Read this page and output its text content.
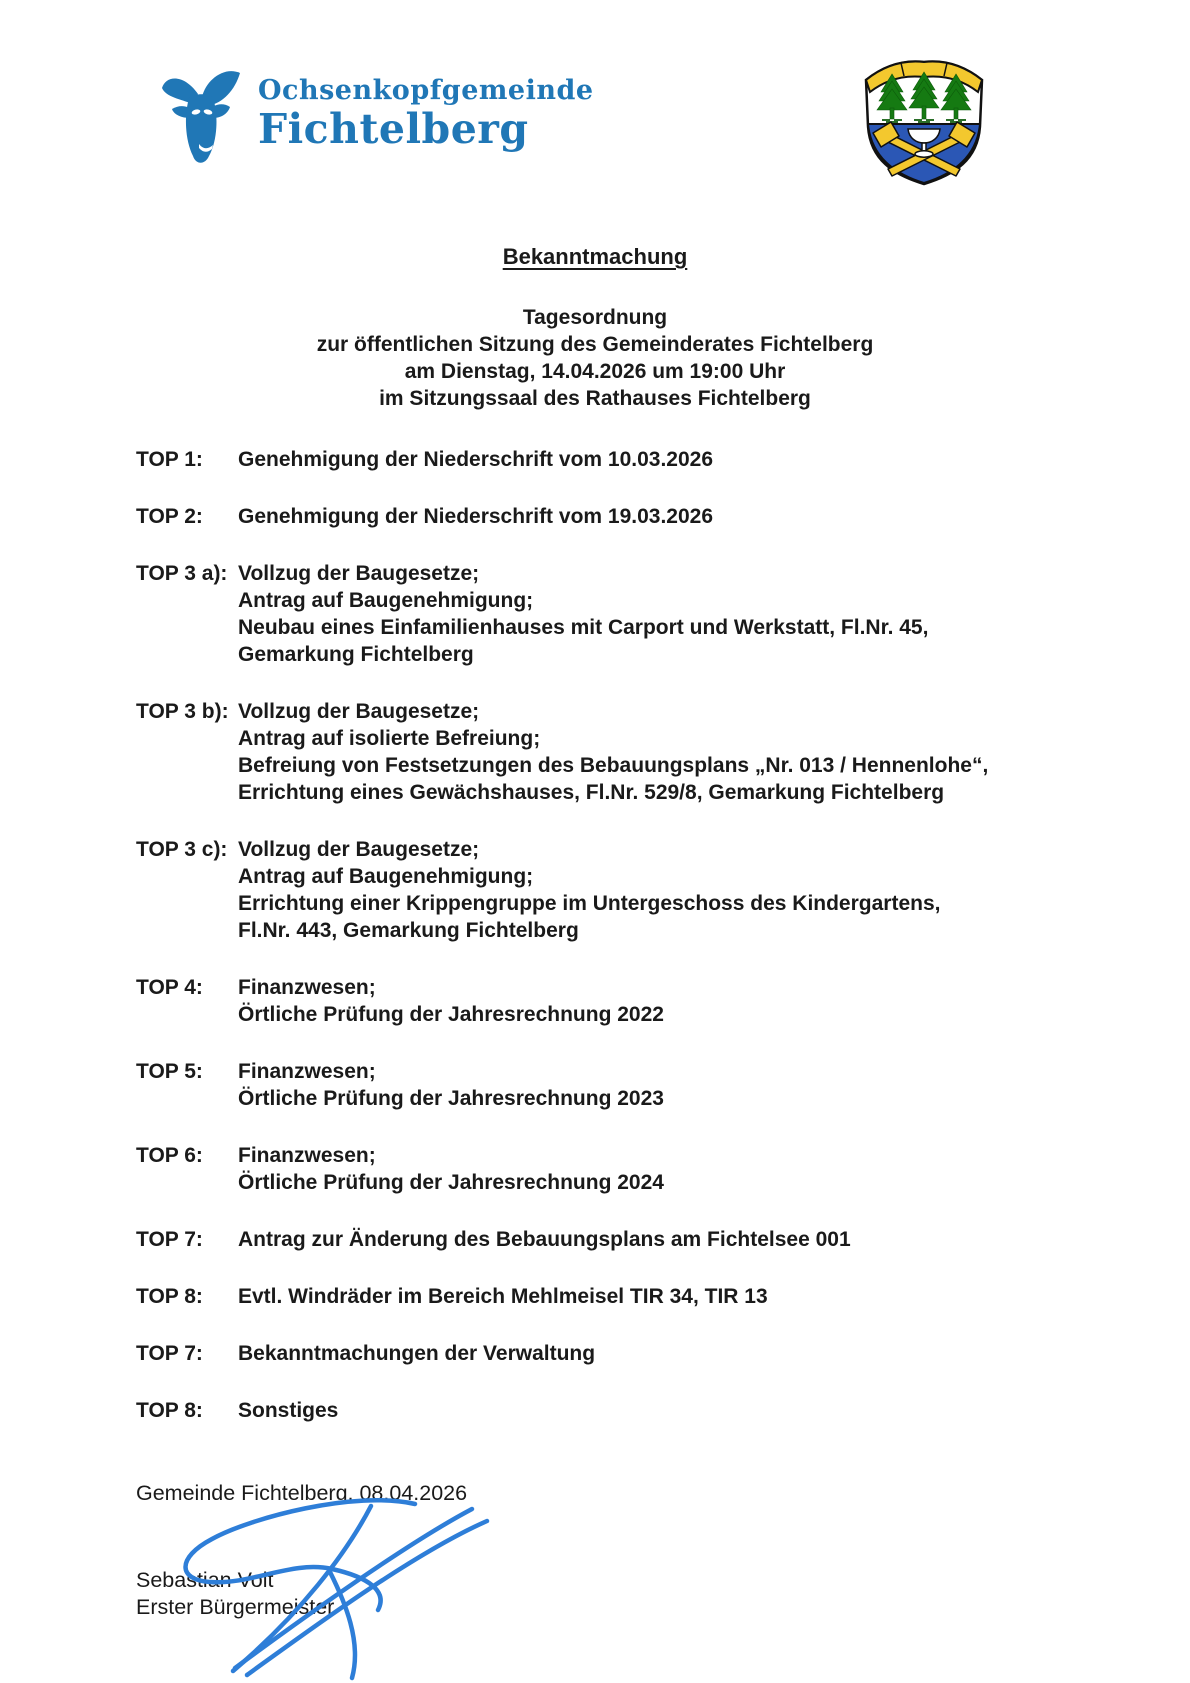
Ochsenkopfgemeinde
Fichtelberg
Bekanntmachung
Tagesordnung
zur öffentlichen Sitzung des Gemeinderates Fichtelberg
am Dienstag, 14.04.2026 um 19:00 Uhr
im Sitzungssaal des Rathauses Fichtelberg
TOP 1:	Genehmigung der Niederschrift vom 10.03.2026
TOP 2:	Genehmigung der Niederschrift vom 19.03.2026
TOP 3 a): Vollzug der Baugesetze;
Antrag auf Baugenehmigung;
Neubau eines Einfamilienhauses mit Carport und Werkstatt, Fl.Nr. 45,
Gemarkung Fichtelberg
TOP 3 b): Vollzug der Baugesetze;
Antrag auf isolierte Befreiung;
Befreiung von Festsetzungen des Bebauungsplans „Nr. 013 / Hennenlohe“,
Errichtung eines Gewächshauses, Fl.Nr. 529/8, Gemarkung Fichtelberg
TOP 3 c): Vollzug der Baugesetze;
Antrag auf Baugenehmigung;
Errichtung einer Krippengruppe im Untergeschoss des Kindergartens,
Fl.Nr. 443, Gemarkung Fichtelberg
TOP 4:	Finanzwesen;
Örtliche Prüfung der Jahresrechnung 2022
TOP 5:	Finanzwesen;
Örtliche Prüfung der Jahresrechnung 2023
TOP 6:	Finanzwesen;
Örtliche Prüfung der Jahresrechnung 2024
TOP 7:	Antrag zur Änderung des Bebauungsplans am Fichtelsee 001
TOP 8:	Evtl. Windräder im Bereich Mehlmeisel TIR 34, TIR 13
TOP 7:	Bekanntmachungen der Verwaltung
TOP 8:	Sonstiges
Gemeinde Fichtelberg, 08.04.2026
Sebastian Voit
Erster Bürgermeister
